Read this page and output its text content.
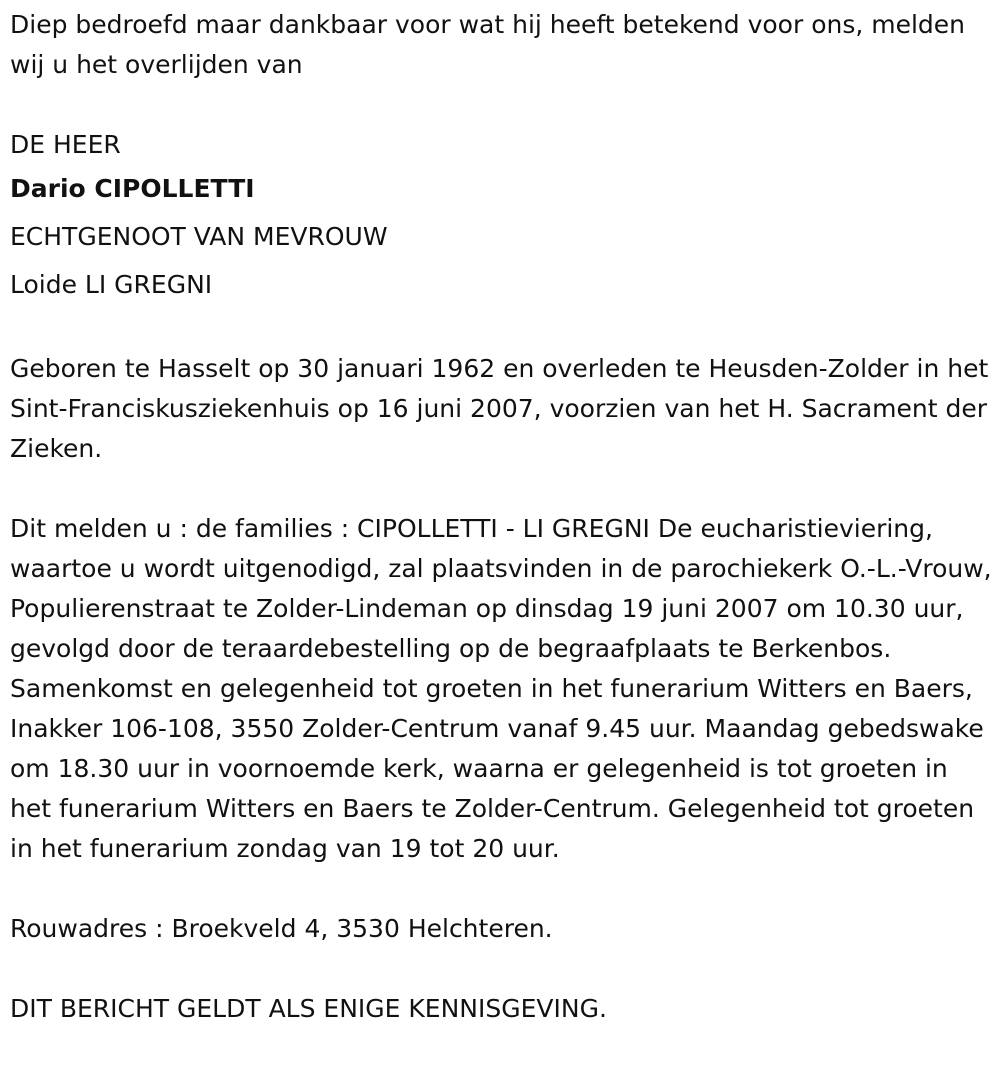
Diep bedroefd maar dankbaar voor wat hij heeft betekend voor ons, melden wij u het overlijden van

DE HEER

Dario CIPOLLETTI

ECHTGENOOT VAN MEVROUW

Loide LI GREGNI

Geboren te Hasselt op 30 januari 1962 en overleden te Heusden-Zolder in het Sint-Franciskusziekenhuis op 16 juni 2007, voorzien van het H. Sacrament der Zieken.

Dit melden u : de families : CIPOLLETTI - LI GREGNI De eucharistieviering, waartoe u wordt uitgenodigd, zal plaatsvinden in de parochiekerk O.-L.-Vrouw, Populierenstraat te Zolder-Lindeman op dinsdag 19 juni 2007 om 10.30 uur, gevolgd door de teraardebestelling op de begraafplaats te Berkenbos. Samenkomst en gelegenheid tot groeten in het funerarium Witters en Baers, Inakker 106-108, 3550 Zolder-Centrum vanaf 9.45 uur. Maandag gebedswake om 18.30 uur in voornoemde kerk, waarna er gelegenheid is tot groeten in het funerarium Witters en Baers te Zolder-Centrum. Gelegenheid tot groeten in het funerarium zondag van 19 tot 20 uur.

Rouwadres : Broekveld 4, 3530 Helchteren.

DIT BERICHT GELDT ALS ENIGE KENNISGEVING.
